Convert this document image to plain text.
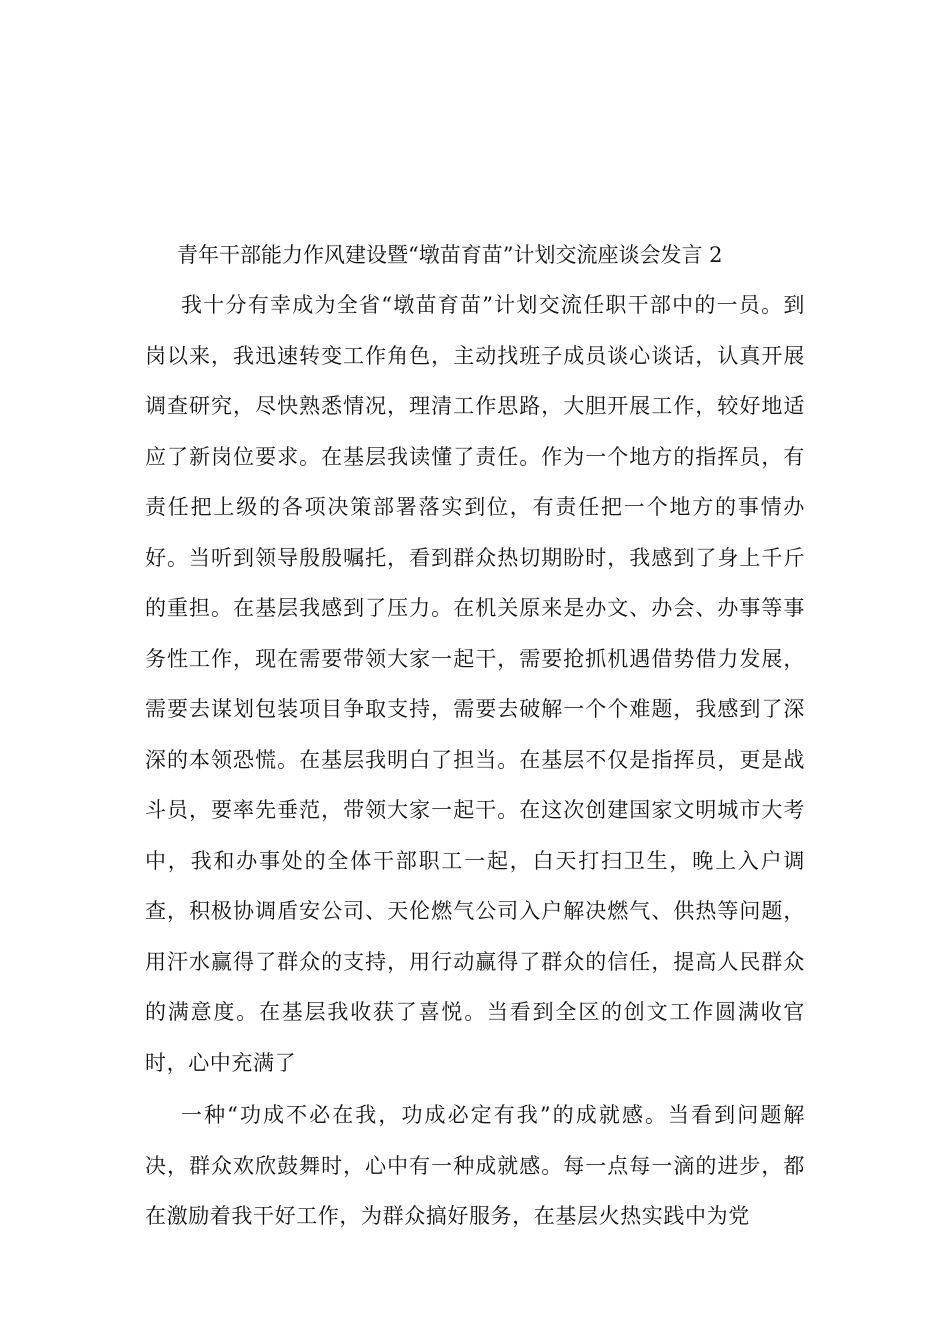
青年干部能力作风建设暨“墩苗育苗”计划交流座谈会发言 2

我十分有幸成为全省“墩苗育苗”计划交流任职干部中的一员。到岗以来，我迅速转变工作角色，主动找班子成员谈心谈话，认真开展调查研究，尽快熟悉情况，理清工作思路，大胆开展工作，较好地适应了新岗位要求。在基层我读懂了责任。作为一个地方的指挥员，有责任把上级的各项决策部署落实到位，有责任把一个地方的事情办好。当听到领导殷殷嘱托，看到群众热切期盼时，我感到了身上千斤的重担。在基层我感到了压力。在机关原来是办文、办会、办事等事务性工作，现在需要带领大家一起干，需要抢抓机遇借势借力发展，需要去谋划包装项目争取支持，需要去破解一个个难题，我感到了深深的本领恐慌。在基层我明白了担当。在基层不仅是指挥员，更是战斗员，要率先垂范，带领大家一起干。在这次创建国家文明城市大考中，我和办事处的全体干部职工一起，白天打扫卫生，晚上入户调查，积极协调盾安公司、天伦燃气公司入户解决燃气、供热等问题，用汗水赢得了群众的支持，用行动赢得了群众的信任，提高人民群众的满意度。在基层我收获了喜悦。当看到全区的创文工作圆满收官时，心中充满了

一种“功成不必在我，功成必定有我”的成就感。当看到问题解决，群众欢欣鼓舞时，心中有一种成就感。每一点每一滴的进步，都在激励着我干好工作，为群众搞好服务，在基层火热实践中为党
